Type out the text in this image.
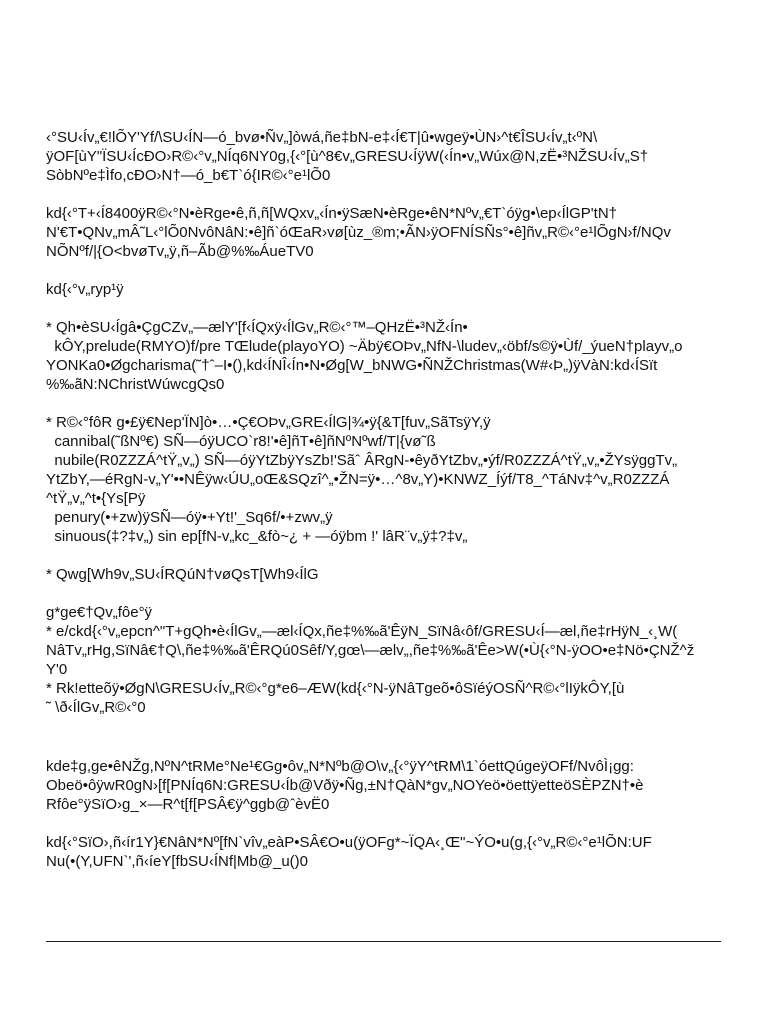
‹°SU‹Ív„€!lÕY'Yf/\SU‹ÍN—ó_bvø•Ñv„]òwá,ñe‡bN-e‡‹Í€T|û•wgeÿ•ÙN›^t€ÎSU‹Ív„t‹ºN\
ÿOF[ùY"ÏSU‹ÍcÐO›R©‹°v„NÍq6NY0g,{‹°[ù^8€v„GRESU‹ÍÿW(‹Ín•v„Wúx@N,zË•³NŽSU‹Ív„S†
SòbNºe‡Ìfo,cÐO›N†—ó_b€T`ó{IR©‹°e¹lÕ0

kd{‹°T+‹Í8400ÿR©‹°N•èRge•ê,ñ,ñ[WQxv„‹Ín•ÿSæN•èRge•êN*Nºv„€T`óÿg•\ep‹ÍlGP'tN†
N'€T•QNv„mÂ˜L‹°lÕ0NvôNâN:•ê]ñ`óŒaR›vø[ùz_®m;•ÃN›ÿOFNÍSÑs°•ê]ñv„R©‹°e¹lÕgN›f/NQv
NÕNºf/|{O<bvøTv„ÿ,ñ–Ãb@%‰ÁueTV0

kd{‹°v„ryp¹ÿ

* Qh•èSU‹Ígâ•ÇgCZv„—ælY'[f‹ÍQxÿ‹ÍlGv„R©‹°™–QHzË•³NŽ‹Ín•
kÔY,prelude(RMYO)f/pre TŒlude(playoYO) ~Äbÿ€OÞv„NfN-\ludev„‹öbf/s©ÿ•Ùf/_ýueN†playv„o
YONKa0•Øgcharisma(˜†ˆ–I•(),kd‹ÍNÎ‹Ín•N•Øg[W_bNWG•ÑNŽChristmas(W#‹Þ„)ÿVàN:kd‹ÍSït
%‰ãN:NChristWúwcgQs0

* R©‹°fôR g•£ÿ€Nep'ÏN]ò•…•Ç€OÞv„GRE‹ÍlG|¾•ÿ{&T[fuv„SãTsÿY,ÿ
cannibal(˜ßNº€) SÑ—óÿUCO`r8!'•ê]ñT•ê]ñNºNºwf/T|{vø˜ß
nubile(R0ZZZÁ^tŸ„v„) SÑ—óÿYtZbÿYsZb!'Sãˆ ÂRgN-•êyðYtZbv„•ýf/R0ZZZÁ^tŸ„v„•ŽYsÿggTv„
YtZbY,—éRgN-v„Y'••NÊÿw‹ÚU„oŒ&SQzî^„•ŽN=ÿ•…^8v„Y)•KNWZ_Íýf/T8_^TáNv‡^v„R0ZZZÁ
^tŸ„v„^t•{Ys[Pÿ
penury(•+zw)ÿSÑ—óÿ•+Yt!'_Sq6f/•+zwv„ÿ
sinuous(‡?‡v„) sin ep[fN-v„kc_&fò~¿ + —óÿbm !' lâR¨v„ÿ‡?‡v„

* Qwg[Wh9v„SU‹ÍRQúN†vøQsT[Wh9‹ÍlG

g*ge€†Qv„fôe°ÿ
* e/ckd{‹°v„epcn^"T+gQh•è‹ÍlGv„—æl‹ÍQx,ñe‡%‰ã'ÊÿN_SïNâ‹ôf/GRESU‹Í—æl,ñe‡rHÿN_‹¸W(
NâTv„rHg,SïNâ€†Q\,ñe‡%‰ã'ÊRQú0Sêf/Y,gœ\—ælv„,ñe‡%‰ã'Êe>W(•Ù{‹°N-ÿOO•e‡Nö•ÇNŽ^ž
Y'0
* Rk!etteõÿ•ØgN\GRESU‹Ív„R©‹°g*e6–ÆW(kd{‹°N-ÿNâTgeõ•ôSïéýOSÑ^R©‹°lIÿkÔY,[ù
˜ \ð‹ÍlGv„R©‹°0

kde‡g,ge•êNŽg,NºN^tRMe°Ne¹€Gg•ôv„N*Nºb@O\v„{‹°ÿY^tRM\1`óettQúgeÿOFf/NvôÌ¡gg:
Obeö•ôÿwR0gN›[f[PNÍq6N:GRESU‹Íb@Vðÿ•Ñg,±N†QàN*gv„NOYeö•öettÿetteöSÈPZN†•è
Rfôe°ÿSïO›g_×—R^t[f[PSÂ€ÿ^ggb@ˆèvË0

kd{‹°SïO›,ñ‹ír1Y}€NâN*Nº[fN`vîv„eàP•SÂ€O•u(ÿOFg*~ÏQA‹¸Œ"~ÝO•u(g,{‹°v„R©‹°e¹lÕN:UF
Nu(•(Y,UFN`',ñ‹íeY[fbSU‹ÍNf|Mb@_u()0
